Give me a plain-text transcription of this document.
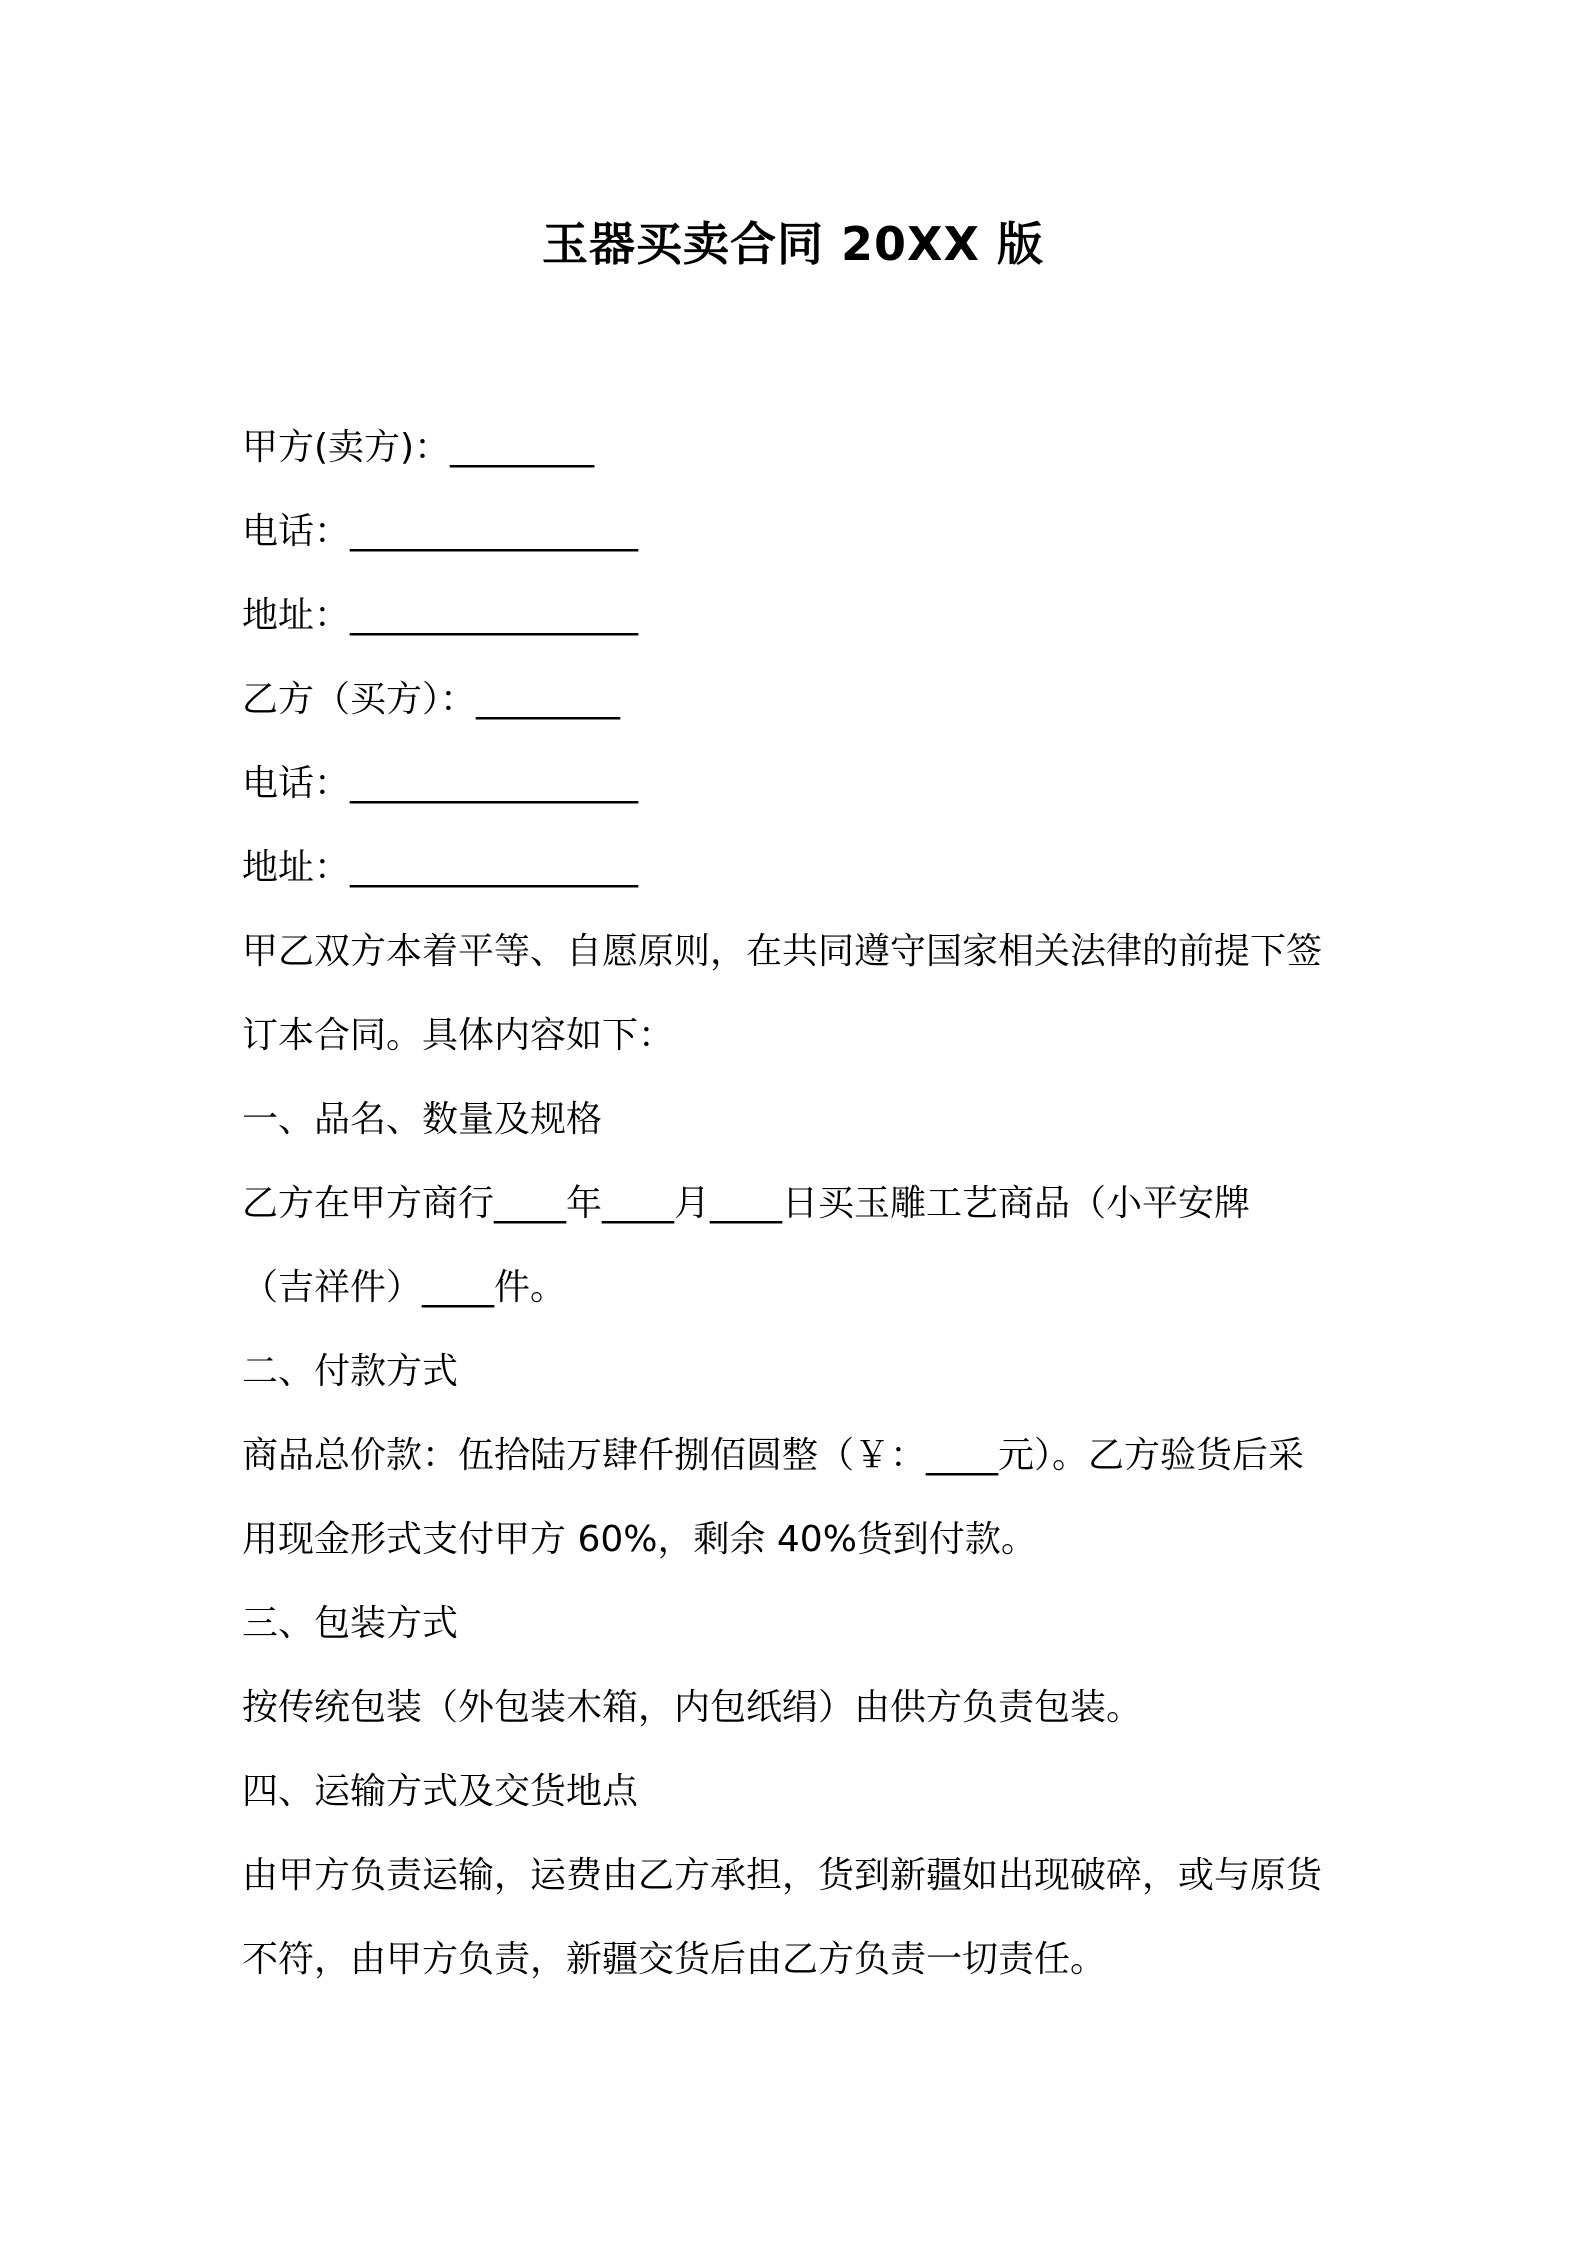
玉器买卖合同 20XX 版
甲方(卖方)：________
电话：________________
地址：________________
乙方（买方）：________
电话：________________
地址：________________
甲乙双方本着平等、自愿原则，在共同遵守国家相关法律的前提下签
订本合同。具体内容如下：
一、品名、数量及规格
乙方在甲方商行____年____月____日买玉雕工艺商品（小平安牌
（吉祥件）____件。
二、付款方式
商品总价款：伍拾陆万肆仟捌佰圆整（￥：____元）。乙方验货后采
用现金形式支付甲方 60%，剩余 40%货到付款。
三、包装方式
按传统包装（外包装木箱，内包纸绢）由供方负责包装。
四、运输方式及交货地点
由甲方负责运输，运费由乙方承担，货到新疆如出现破碎，或与原货
不符，由甲方负责，新疆交货后由乙方负责一切责任。
